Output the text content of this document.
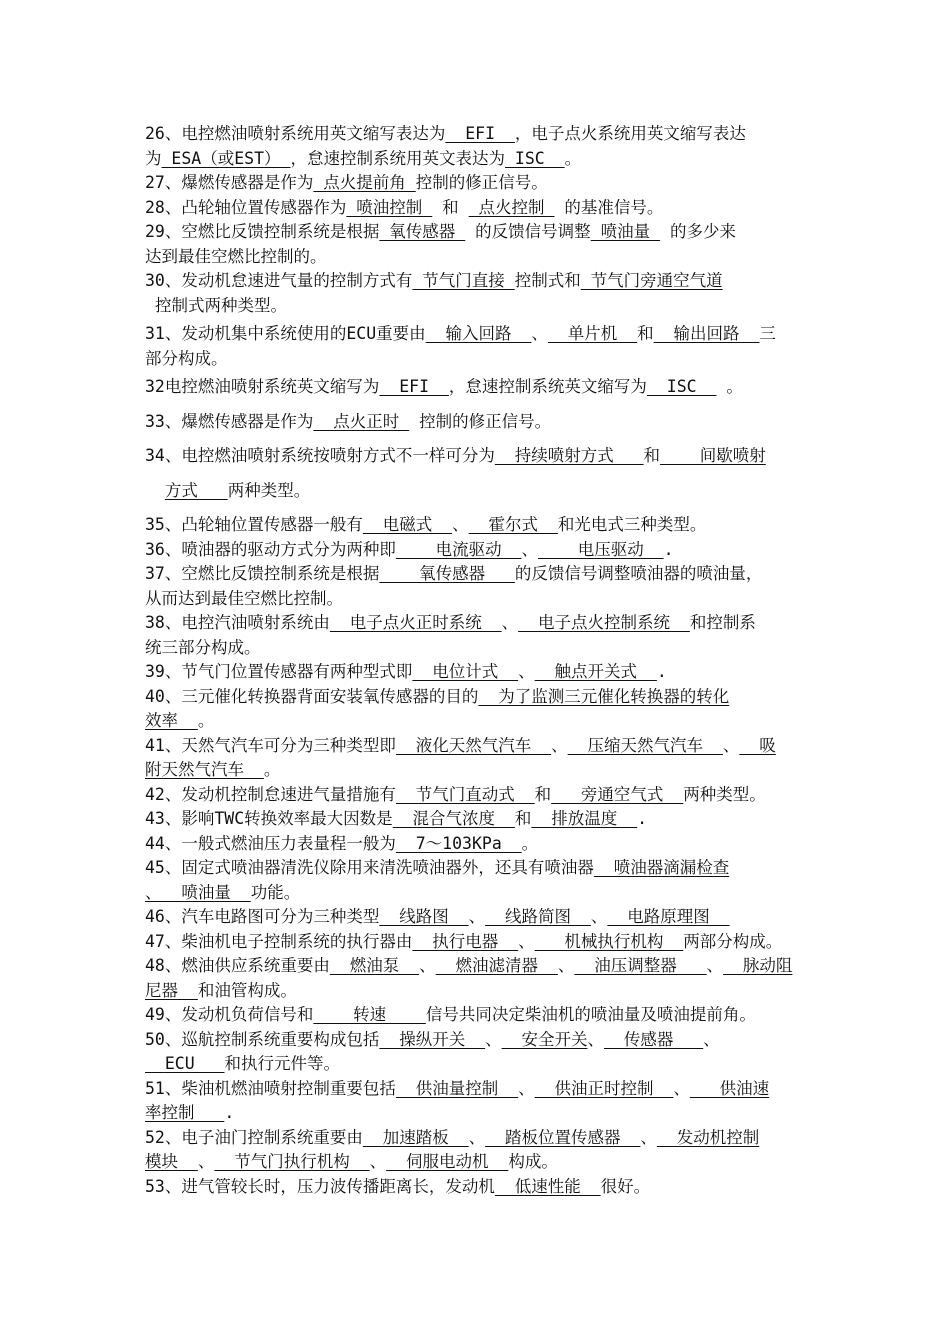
26、电控燃油喷射系统用英文缩写表达为  EFI  ，电子点火系统用英文缩写表达

为 ESA（或EST） ，怠速控制系统用英文表达为 ISC  。

27、爆燃传感器是作为 点火提前角 控制的修正信号。

28、凸轮轴位置传感器作为 喷油控制  和  点火控制  的基准信号。

29、空燃比反馈控制系统是根据 氧传感器  的反馈信号调整 喷油量  的多少来

达到最佳空燃比控制的。

30、发动机怠速进气量的控制方式有 节气门直接 控制式和 节气门旁通空气道

控制式两种类型。

31、发动机集中系统使用的ECU重要由  输入回路  、  单片机  和  输出回路  三

部分构成。

32电控燃油喷射系统英文缩写为  EFI  ，怠速控制系统英文缩写为  ISC   。

33、爆燃传感器是作为  点火正时  控制的修正信号。

34、电控燃油喷射系统按喷射方式不一样可分为  持续喷射方式   和    间歇喷射

方式   两种类型。

35、凸轮轴位置传感器一般有  电磁式  、  霍尔式  和光电式三种类型。

36、喷油器的驱动方式分为两种即    电流驱动  、    电压驱动  .

37、空燃比反馈控制系统是根据    氧传感器   的反馈信号调整喷油器的喷油量，

从而达到最佳空燃比控制。

38、电控汽油喷射系统由  电子点火正时系统  、  电子点火控制系统  和控制系

统三部分构成。

39、节气门位置传感器有两种型式即  电位计式  、  触点开关式  .

40、三元催化转换器背面安装氧传感器的目的  为了监测三元催化转换器的转化

效率  。

41、天然气汽车可分为三种类型即  液化天然气汽车  、  压缩天然气汽车  、  吸

附天然气汽车  。

42、发动机控制怠速进气量措施有  节气门直动式  和   旁通空气式  两种类型。

43、影响TWC转换效率最大因数是  混合气浓度  和  排放温度  .

44、一般式燃油压力表量程一般为  7～103KPa  。

45、固定式喷油器清洗仪除用来清洗喷油器外，还具有喷油器  喷油器滴漏检查

、  喷油量  功能。

46、汽车电路图可分为三种类型  线路图  、  线路简图  、  电路原理图

47、柴油机电子控制系统的执行器由  执行电器  、   机械执行机构  两部分构成。

48、燃油供应系统重要由  燃油泵  、  燃油滤清器  、  油压调整器   、  脉动阻

尼器  和油管构成。

49、发动机负荷信号和    转速    信号共同决定柴油机的喷油量及喷油提前角。

50、巡航控制系统重要构成包括  操纵开关  、  安全开关、  传感器   、

ECU   和执行元件等。

51、柴油机燃油喷射控制重要包括  供油量控制  、  供油正时控制  、   供油速

率控制   .

52、电子油门控制系统重要由  加速踏板  、  踏板位置传感器  、  发动机控制

模块  、  节气门执行机构  、  伺服电动机  构成。

53、进气管较长时，压力波传播距离长，发动机  低速性能  很好。
